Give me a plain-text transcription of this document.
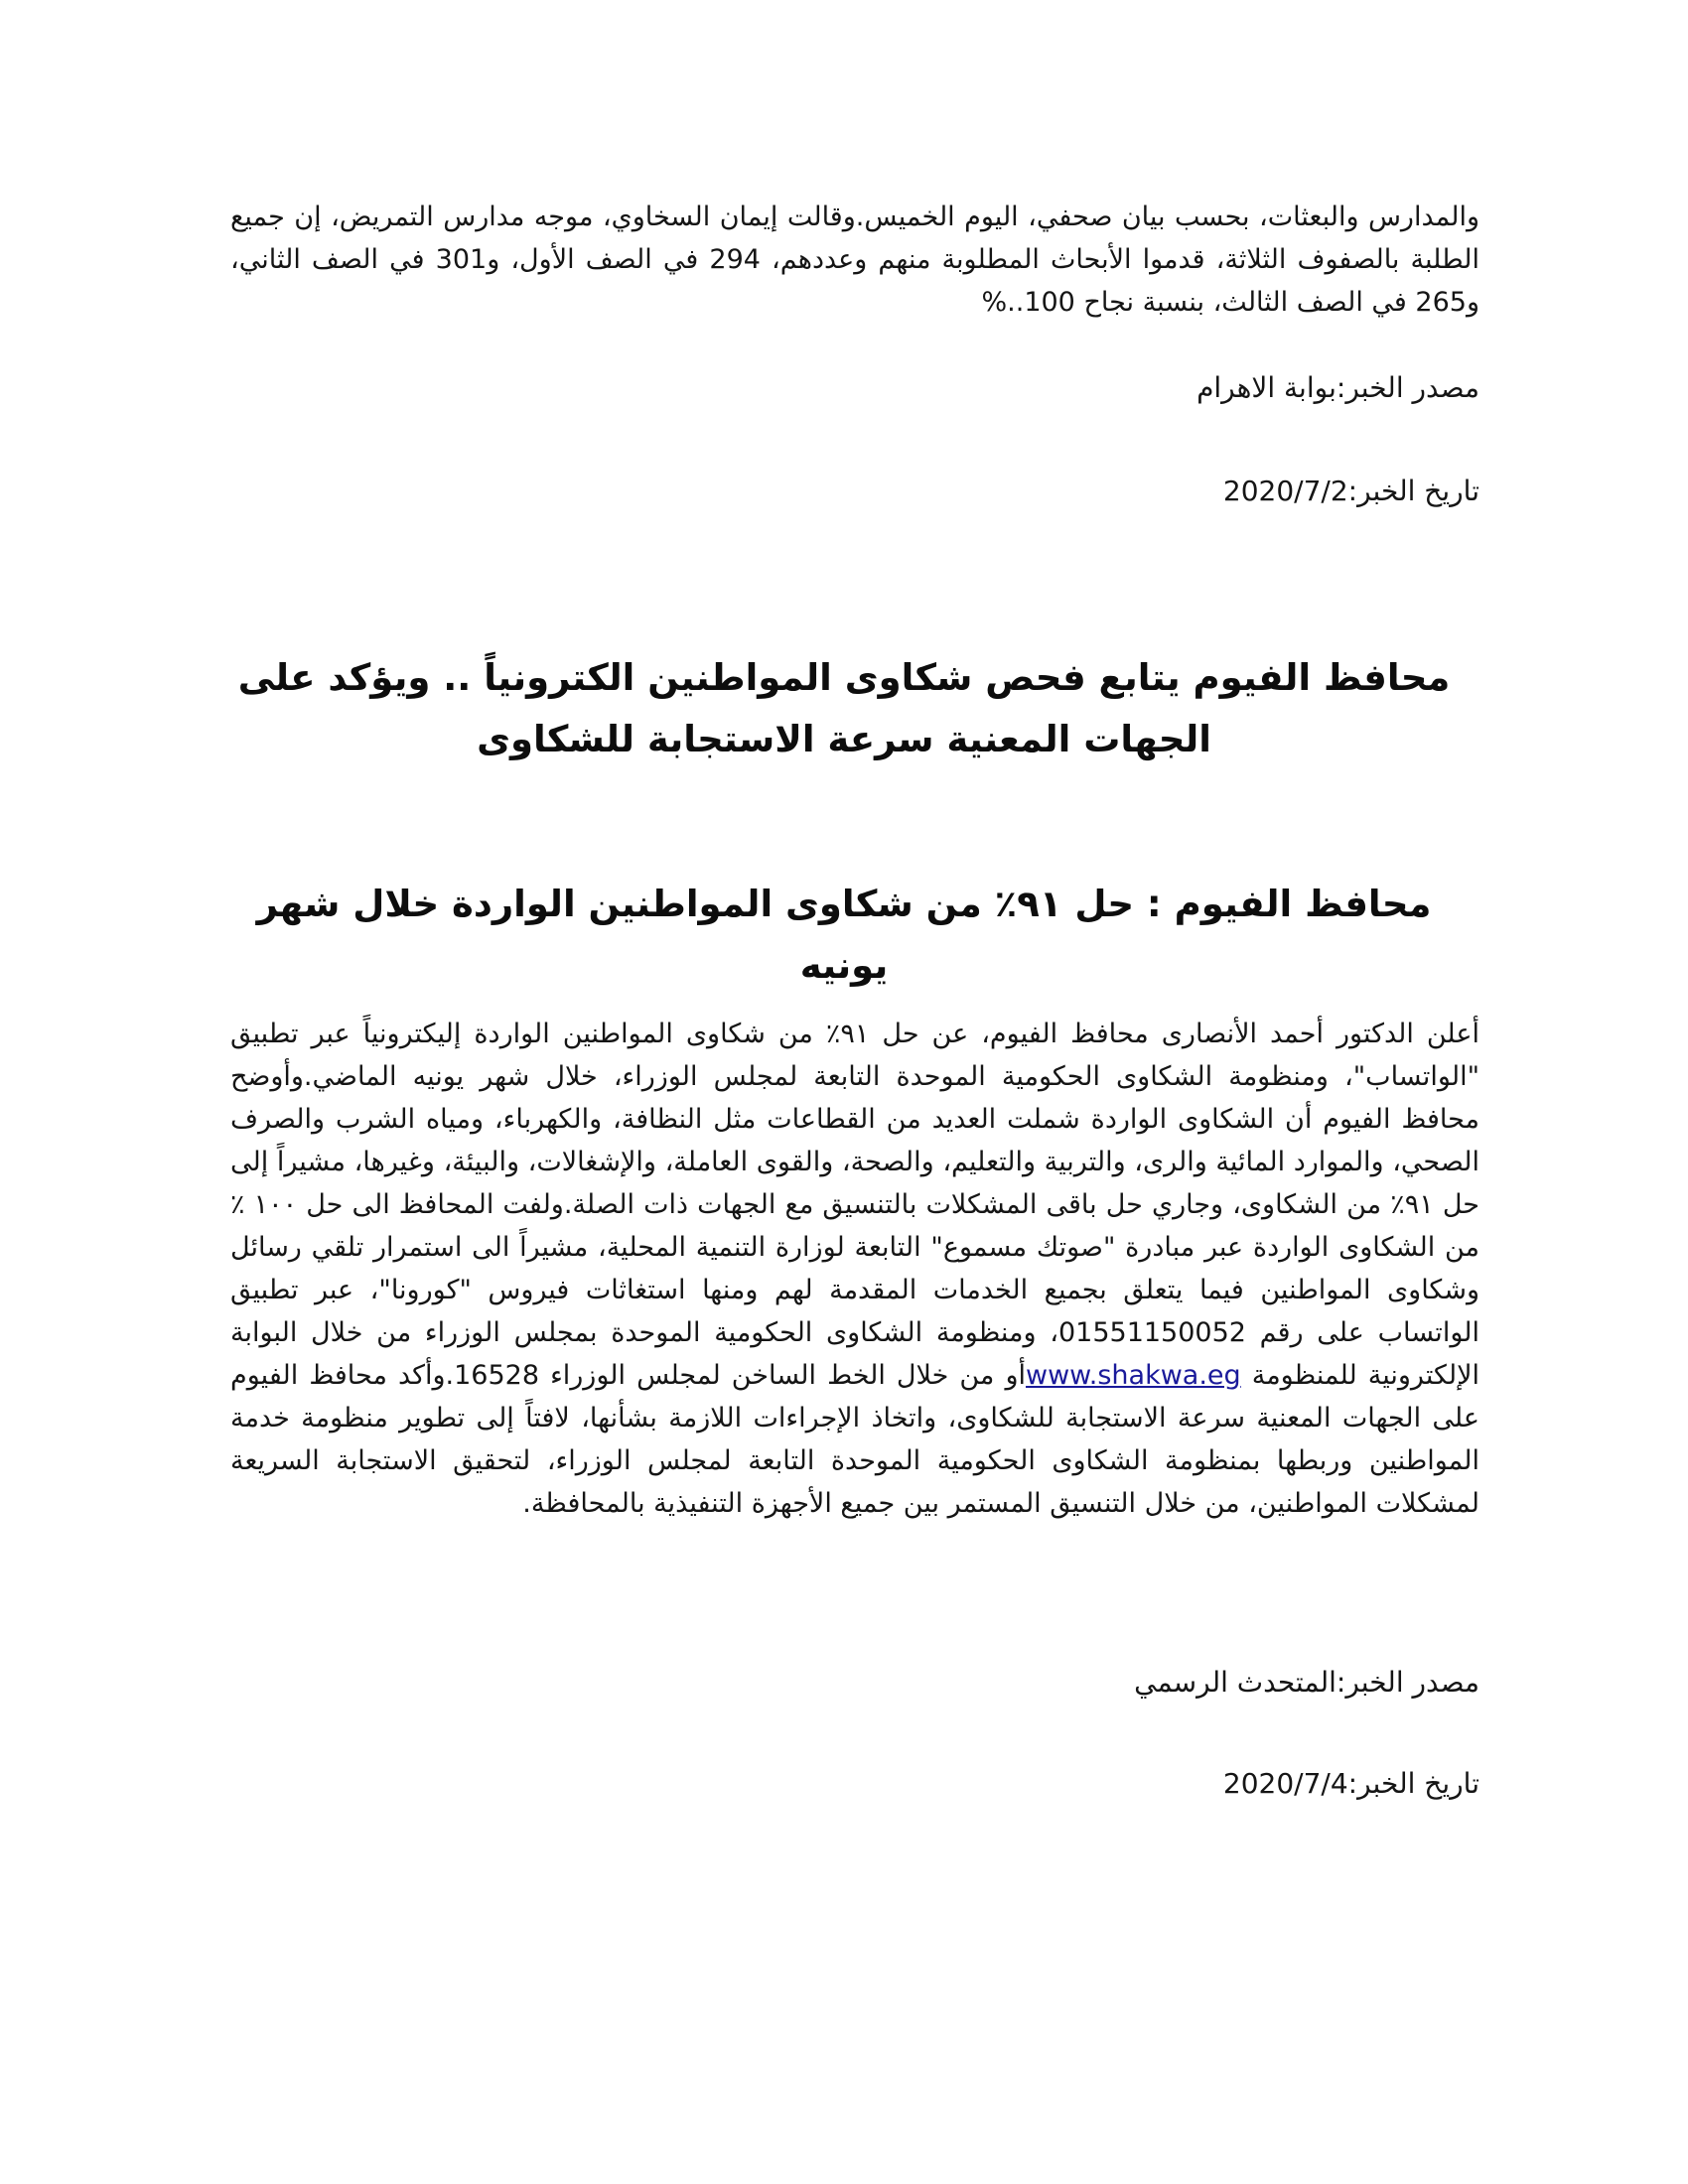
والمدارس والبعثات، بحسب بيان صحفي، اليوم الخميس.وقالت إيمان السخاوي، موجه مدارس التمريض، إن جميع الطلبة بالصفوف الثلاثة، قدموا الأبحاث المطلوبة منهم وعددهم، 294 في الصف الأول، و301 في الصف الثاني، و265 في الصف الثالث، بنسبة نجاح 100..%

مصدر الخبر:بوابة الاهرام
تاريخ الخبر:2020/7/2
محافظ الفيوم يتابع فحص شكاوى المواطنين الكترونياً .. ويؤكد على الجهات المعنية سرعة الاستجابة للشكاوى
محافظ الفيوم : حل ٩١٪ من شكاوى المواطنين الواردة خلال شهر يونيه

أعلن الدكتور أحمد الأنصارى محافظ الفيوم، عن حل ٩١٪ من شكاوى المواطنين الواردة إليكترونياً عبر تطبيق "الواتساب"، ومنظومة الشكاوى الحكومية الموحدة التابعة لمجلس الوزراء، خلال شهر يونيه الماضي.وأوضح محافظ الفيوم أن الشكاوى الواردة شملت العديد من القطاعات مثل النظافة، والكهرباء، ومياه الشرب والصرف الصحي، والموارد المائية والرى، والتربية والتعليم، والصحة، والقوى العاملة، والإشغالات، والبيئة، وغيرها، مشيراً إلى حل ٩١٪ من الشكاوى، وجاري حل باقى المشكلات بالتنسيق مع الجهات ذات الصلة.ولفت المحافظ الى حل ١٠٠ ٪ من الشكاوى الواردة عبر مبادرة "صوتك مسموع" التابعة لوزارة التنمية المحلية، مشيراً الى استمرار تلقي رسائل وشكاوى المواطنين فيما يتعلق بجميع الخدمات المقدمة لهم ومنها استغاثات فيروس "كورونا"، عبر تطبيق الواتساب على رقم 01551150052، ومنظومة الشكاوى الحكومية الموحدة بمجلس الوزراء من خلال البوابة الإلكترونية للمنظومة www.shakwa.egأو من خلال الخط الساخن لمجلس الوزراء 16528.وأكد محافظ الفيوم على الجهات المعنية سرعة الاستجابة للشكاوى، واتخاذ الإجراءات اللازمة بشأنها، لافتاً إلى تطوير منظومة خدمة المواطنين وربطها بمنظومة الشكاوى الحكومية الموحدة التابعة لمجلس الوزراء، لتحقيق الاستجابة السريعة لمشكلات المواطنين، من خلال التنسيق المستمر بين جميع الأجهزة التنفيذية بالمحافظة.

مصدر الخبر:المتحدث الرسمي
تاريخ الخبر:2020/7/4
